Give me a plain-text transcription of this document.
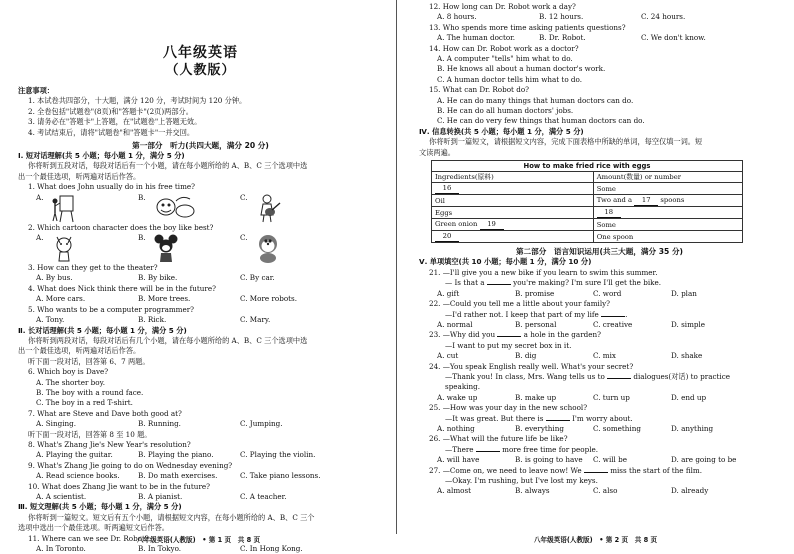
八年级英语
（人教版）
注意事项：
1. 本试卷共四部分，十大题，满分 120 分，考试时间为 120 分钟。
2. 全卷包括"试题卷"(8页)和"答题卡"(2页)两部分。
3. 请务必在"答题卡"上答题，在"试题卷"上答题无效。
4. 考试结束后，请将"试题卷"和"答题卡"一并交回。
第一部分　听力(共四大题，满分 20 分)
Ⅰ. 短对话理解(共 5 小题；每小题 1 分，满分 5 分)
你将听到五段对话，每段对话后有一个小题，请在每小题所给的 A、B、C 三个选项中选
出一个最佳选项，听两遍对话后作答。
1. What does John usually do in his free time?
A.	B.	C.
2. Which cartoon character does the boy like best?
A.	B.	C.
3. How can they get to the theater?
A. By bus.	B. By bike.	C. By car.
4. What does Nick think there will be in the future?
A. More cars.	B. More trees.	C. More robots.
5. Who wants to be a computer programmer?
A. Tony.	B. Rick.	C. Mary.
Ⅱ. 长对话理解(共 5 小题；每小题 1 分，满分 5 分)
你将听到两段对话，每段对话后有几个小题，请在每小题所给的 A、B、C 三个选项中选
出一个最佳选项，听两遍对话后作答。
听下面一段对话，回答第 6、7 两题。
6. Which boy is Dave?
A. The shorter boy.
B. The boy with a round face.
C. The boy in a red T-shirt.
7. What are Steve and Dave both good at?
A. Singing.	B. Running.	C. Jumping.
听下面一段对话，回答第 8 至 10 题。
8. What's Zhang Jie's New Year's resolution?
A. Playing the guitar.	B. Playing the piano.	C. Playing the violin.
9. What's Zhang Jie going to do on Wednesday evening?
A. Read science books.	B. Do math exercises.	C. Take piano lessons.
10. What does Zhang Jie want to be in the future?
A. A scientist.	B. A pianist.	C. A teacher.
Ⅲ. 短文理解(共 5 小题；每小题 1 分，满分 5 分)
你将听到一篇短文。短文后有五个小题，请根据短文内容，在每小题所给的 A、B、C 三个
选项中选出一个最佳选项。听两遍短文后作答。
11. Where can we see Dr. Robot?
A. In Toronto.	B. In Tokyo.	C. In Hong Kong.
八年级英语(人教版)　• 第 1 页　共 8 页
12. How long can Dr. Robot work a day?
A. 8 hours.	B. 12 hours.	C. 24 hours.
13. Who spends more time asking patients questions?
A. The human doctor.	B. Dr. Robot.	C. We don't know.
14. How can Dr. Robot work as a doctor?
A. A computer "tells" him what to do.
B. He knows all about a human doctor's work.
C. A human doctor tells him what to do.
15. What can Dr. Robot do?
A. He can do many things that human doctors can do.
B. He can do all human doctors' jobs.
C. He can do very few things that human doctors can do.
Ⅳ. 信息转换(共 5 小题；每小题 1 分，满分 5 分)
你将听到一篇短文，请根据短文内容，完成下面表格中所缺的单词，每空仅填一词。短
文读两遍。
How to make fried rice with eggs	
Ingredients(原料)	Amount(数量) or number
16	Some
Oil	Two and a 17 spoons
Eggs	18
Green onion 19	Some
20	One spoon
第二部分　语言知识运用(共三大题，满分 35 分)
Ⅴ. 单项填空(共 10 小题；每小题 1 分，满分 10 分)
21. —I'll give you a new bike if you learn to swim this summer.
— Is that a	you're making? I'm sure I'll get the bike.
A. gift	B. promise	C. word	D. plan
22. —Could you tell me a little about your family?
—I'd rather not. I keep that part of my life	.
A. normal	B. personal	C. creative	D. simple
23. —Why did you	a hole in the garden?
—I want to put my secret box in it.
A. cut	B. dig	C. mix	D. shake
24. —You speak English really well. What's your secret?
—Thank you! In class, Mrs. Wang tells us to	dialogues(对话) to practice
speaking.
A. wake up	B. make up	C. turn up	D. end up
25. —How was your day in the new school?
—It was great. But there is	I'm worry about.
A. nothing	B. everything	C. something	D. anything
26. —What will the future life be like?
—There	more free time for people.
A. will have	B. is going to have	C. will be	D. are going to be
27. —Come on, we need to leave now! We	miss the start of the film.
—Okay. I'm rushing, but I've lost my keys.
A. almost	B. always	C. also	D. already
八年级英语(人教版)　• 第 2 页　共 8 页
